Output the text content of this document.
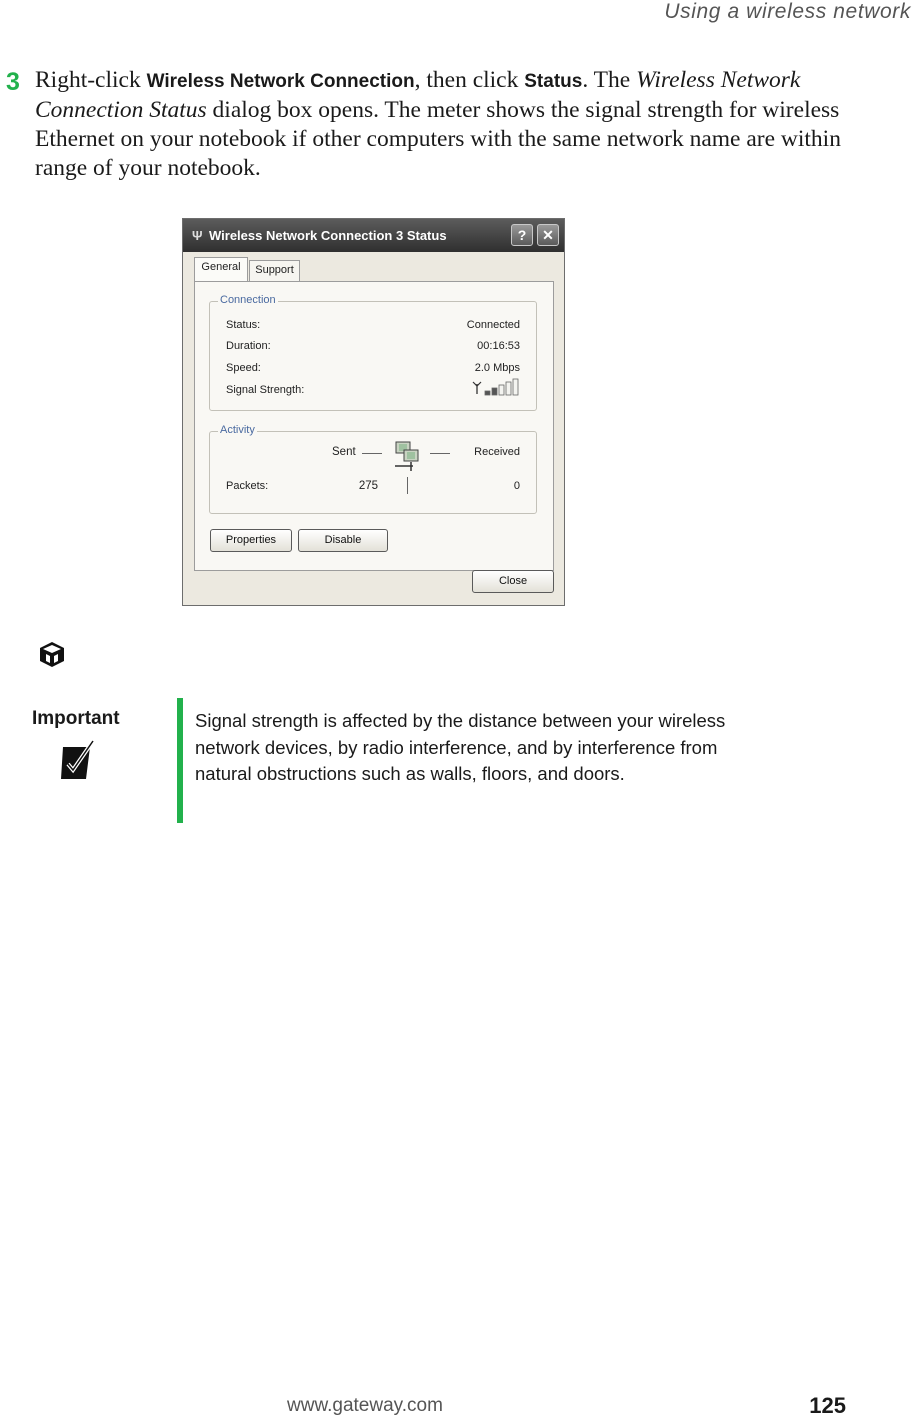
Using a wireless network
3 Right-click Wireless Network Connection, then click Status. The Wireless Network Connection Status dialog box opens. The meter shows the signal strength for wireless Ethernet on your notebook if other computers with the same network name are within range of your notebook.
Ψ Wireless Network Connection 3 Status	?	✕
General	Support
Connection
Status:	Connected
Duration:	00:16:53
Speed:	2.0 Mbps
Signal Strength:
Activity
Sent	Received
Packets:	275	0
Properties	Disable
Close
Important	Signal strength is affected by the distance between your wireless network devices, by radio interference, and by interference from natural obstructions such as walls, floors, and doors.
www.gateway.com	125
